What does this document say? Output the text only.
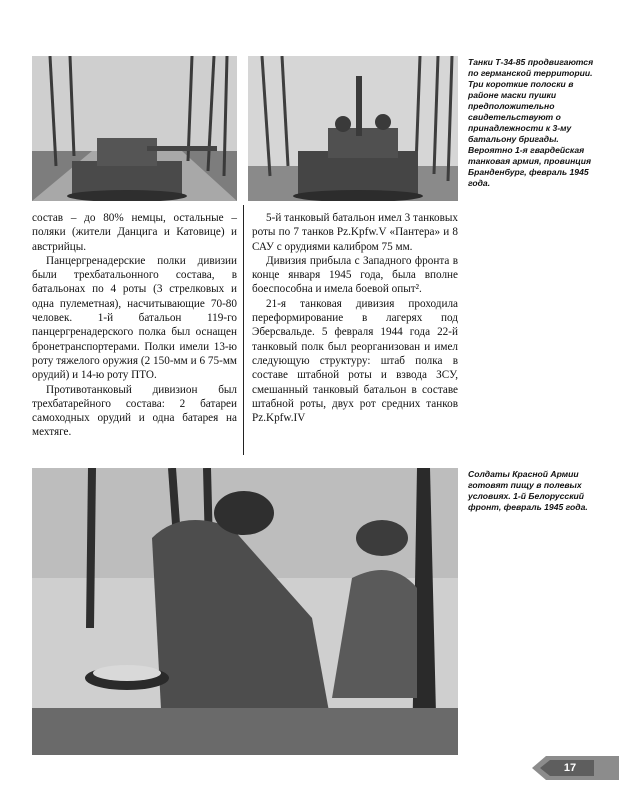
Танки Т-34-85 продвигаются по германской территории. Три короткие полоски в районе маски пушки предположительно свидетельствуют о принадлежности к 3-му батальону бригады. Вероятно 1-я гвардейская танковая армия, провинция Бранденбург, февраль 1945 года.

состав – до 80% немцы, остальные – поляки (жители Данцига и Катовице) и австрийцы.

Панцергренадерские полки дивизии были трехбатальонного состава, в батальонах по 4 роты (3 стрелковых и одна пулеметная), насчитывающие 70-80 человек. 1-й батальон 119-го панцергренадерского полка был оснащен бронетранспортерами. Полки имели 13-ю роту тяжелого оружия (2 150-мм и 6 75-мм орудий) и 14-ю роту ПТО.

Противотанковый дивизион был трехбатарейного состава: 2 батареи самоходных орудий и одна батарея на мехтяге.

5-й танковый батальон имел 3 танковых роты по 7 танков Pz.Kpfw.V «Пантера» и 8 САУ с орудиями калибром 75 мм.

Дивизия прибыла с Западного фронта в конце января 1945 года, была вполне боеспособна и имела боевой опыт².

21-я танковая дивизия проходила переформирование в лагерях под Эберсвальде. 5 февраля 1944 года 22-й танковый полк был реорганизован и имел следующую структуру: штаб полка в составе штабной роты и взвода ЗСУ, смешанный танковый батальон в составе штабной роты, двух рот средних танков Pz.Kpfw.IV

Солдаты Красной Армии готовят пищу в полевых условиях. 1-й Белорусский фронт, февраль 1945 года.
17
